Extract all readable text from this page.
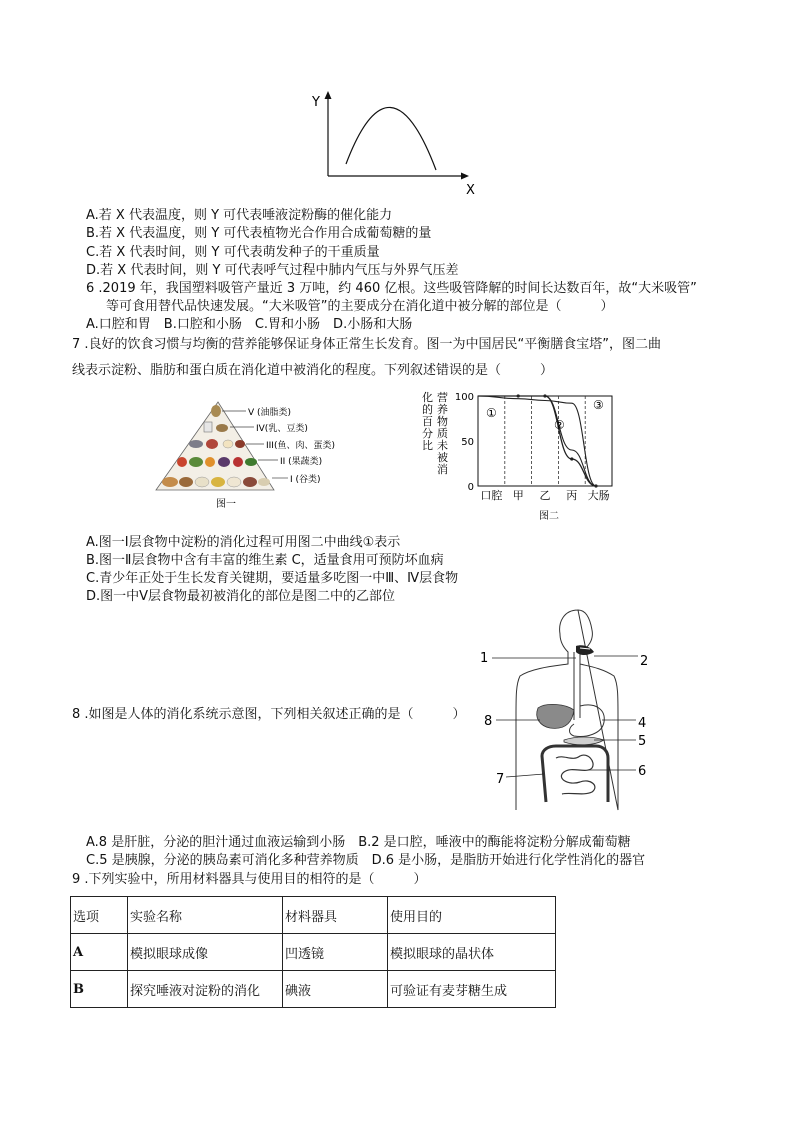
Y
X
A.若 X 代表温度，则 Y 可代表唾液淀粉酶的催化能力
B.若 X 代表温度，则 Y 可代表植物光合作用合成葡萄糖的量
C.若 X 代表时间，则 Y 可代表萌发种子的干重质量
D.若 X 代表时间，则 Y 可代表呼气过程中肺内气压与外界气压差
6 .2019 年，我国塑料吸管产量近 3 万吨，约 460 亿根。这些吸管降解的时间长达数百年，故“大米吸管”
等可食用替代品快速发展。“大米吸管”的主要成分在消化道中被分解的部位是（　　　）
A.口腔和胃　B.口腔和小肠　C.胃和小肠　D.小肠和大肠
7 .良好的饮食习惯与均衡的营养能够保证身体正常生长发育。图一为中国居民“平衡膳食宝塔”，图二曲
线表示淀粉、脂肪和蛋白质在消化道中被消化的程度。下列叙述错误的是（　　　）
V (油脂类)
IV(乳、豆类)
III(鱼、肉、蛋类)
II (果蔬类)
I (谷类)
图一
化的百分比
营养物质未被消
100
50
0
口腔 甲 乙 丙 大肠
①
②
③
图二
A.图一Ⅰ层食物中淀粉的消化过程可用图二中曲线①表示
B.图一Ⅱ层食物中含有丰富的维生素 C，适量食用可预防坏血病
C.青少年正处于生长发育关键期，要适量多吃图一中Ⅲ、Ⅳ层食物
D.图一中Ⅴ层食物最初被消化的部位是图二中的乙部位
1	2
4
5
6
7
8
8 .如图是人体的消化系统示意图，下列相关叙述正确的是（　　　）
A.8 是肝脏，分泌的胆汁通过血液运输到小肠　B.2 是口腔，唾液中的酶能将淀粉分解成葡萄糖
C.5 是胰腺，分泌的胰岛素可消化多种营养物质　D.6 是小肠，是脂肪开始进行化学性消化的器官
9 .下列实验中，所用材料器具与使用目的相符的是（　　　）
选项	实验名称	材料器具	使用目的
A	模拟眼球成像	凹透镜	模拟眼球的晶状体
B	探究唾液对淀粉的消化	碘液	可验证有麦芽糖生成
